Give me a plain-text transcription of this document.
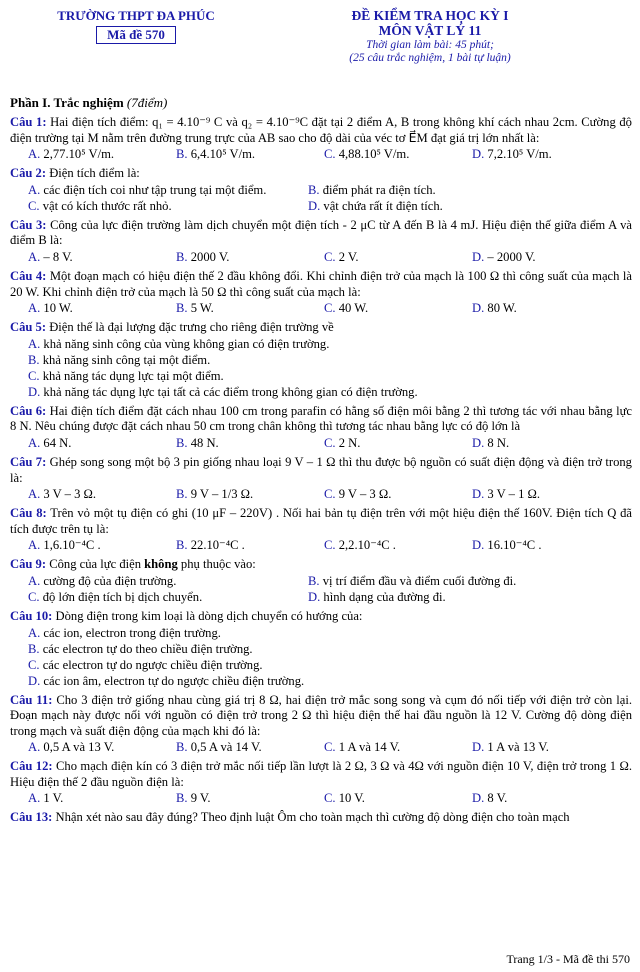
TRƯỜNG THPT ĐA PHÚC
Mã đề 570
ĐỀ KIỂM TRA HỌC KỲ I
MÔN VẬT LÝ 11
Thời gian làm bài: 45 phút;
(25 câu trắc nghiệm, 1 bài tự luận)
Phần I. Trắc nghiệm (7điểm)
Câu 1: Hai điện tích điểm: q₁ = 4.10⁻⁹ C và q₂ = 4.10⁻⁹C đặt tại 2 điểm A, B trong không khí cách nhau 2cm. Cường độ điện trường tại M nằm trên đường trung trực của AB sao cho độ dài của véc tơ E⃗M đạt giá trị lớn nhất là:
A. 2,77.10⁵ V/m.	B. 6,4.10⁵ V/m.	C. 4,88.10⁵ V/m.	D. 7,2.10⁵ V/m.
Câu 2: Điện tích điểm là:
A. các điện tích coi như tập trung tại một điểm.	B. điểm phát ra điện tích.
C. vật có kích thước rất nhỏ.	D. vật chứa rất ít điện tích.
Câu 3: Công của lực điện trường làm dịch chuyển một điện tích - 2 μC từ A đến B là 4 mJ. Hiệu điện thế giữa điểm A và điểm B là:
A. – 8 V.	B. 2000 V.	C. 2 V.	D. – 2000 V.
Câu 4: Một đoạn mạch có hiệu điện thế 2 đầu không đổi. Khi chỉnh điện trở của mạch là 100 Ω thì công suất của mạch là 20 W. Khi chỉnh điện trở của mạch là 50 Ω thì công suất của mạch là:
A. 10 W.	B. 5 W.	C. 40 W.	D. 80 W.
Câu 5: Điện thế là đại lượng đặc trưng cho riêng điện trường về
A. khả năng sinh công của vùng không gian có điện trường.
B. khả năng sinh công tại một điểm.
C. khả năng tác dụng lực tại một điểm.
D. khả năng tác dụng lực tại tất cả các điểm trong không gian có điện trường.
Câu 6: Hai điện tích điểm đặt cách nhau 100 cm trong parafin có hằng số điện môi bằng 2 thì tương tác với nhau bằng lực 8 N. Nêu chúng được đặt cách nhau 50 cm trong chân không thì tương tác nhau bằng lực có độ lớn là
A. 64 N.	B. 48 N.	C. 2 N.	D. 8 N.
Câu 7: Ghép song song một bộ 3 pin giống nhau loại 9 V – 1 Ω thì thu được bộ nguồn có suất điện động và điện trở trong là:
A. 3 V – 3 Ω.	B. 9 V – 1/3 Ω.	C. 9 V – 3 Ω.	D. 3 V – 1 Ω.
Câu 8: Trên vỏ một tụ điện có ghi (10 μF – 220V) . Nối hai bản tụ điện trên với một hiệu điện thế 160V. Điện tích Q đã tích được trên tụ là:
A. 1,6.10⁻⁴C .	B. 22.10⁻⁴C .	C. 2,2.10⁻⁴C .	D. 16.10⁻⁴C .
Câu 9: Công của lực điện không phụ thuộc vào:
A. cường độ của điện trường.	B. vị trí điểm đầu và điểm cuối đường đi.
C. độ lớn điện tích bị dịch chuyển.	D. hình dạng của đường đi.
Câu 10: Dòng điện trong kim loại là dòng dịch chuyển có hướng của:
A. các ion, electron trong điện trường.
B. các electron tự do theo chiều điện trường.
C. các electron tự do ngược chiều điện trường.
D. các ion âm, electron tự do ngược chiều điện trường.
Câu 11: Cho 3 điện trở giống nhau cùng giá trị 8 Ω, hai điện trở mắc song song và cụm đó nối tiếp với điện trở còn lại. Đoạn mạch này được nối với nguồn có điện trở trong 2 Ω thì hiệu điện thế hai đầu nguồn là 12 V. Cường độ dòng điện trong mạch và suất điện động của mạch khi đó là:
A. 0,5 A và 13 V.	B. 0,5 A và 14 V.	C. 1 A và 14 V.	D. 1 A và 13 V.
Câu 12: Cho mạch điện kín có 3 điện trở mắc nối tiếp lần lượt là 2 Ω, 3 Ω và 4Ω với nguồn điện 10 V, điện trở trong 1 Ω. Hiệu điện thế 2 đầu nguồn điện là:
A. 1 V.	B. 9 V.	C. 10 V.	D. 8 V.
Câu 13: Nhận xét nào sau đây đúng? Theo định luật Ôm cho toàn mạch thì cường độ dòng điện cho toàn mạch
Trang 1/3 - Mã đề thi 570
